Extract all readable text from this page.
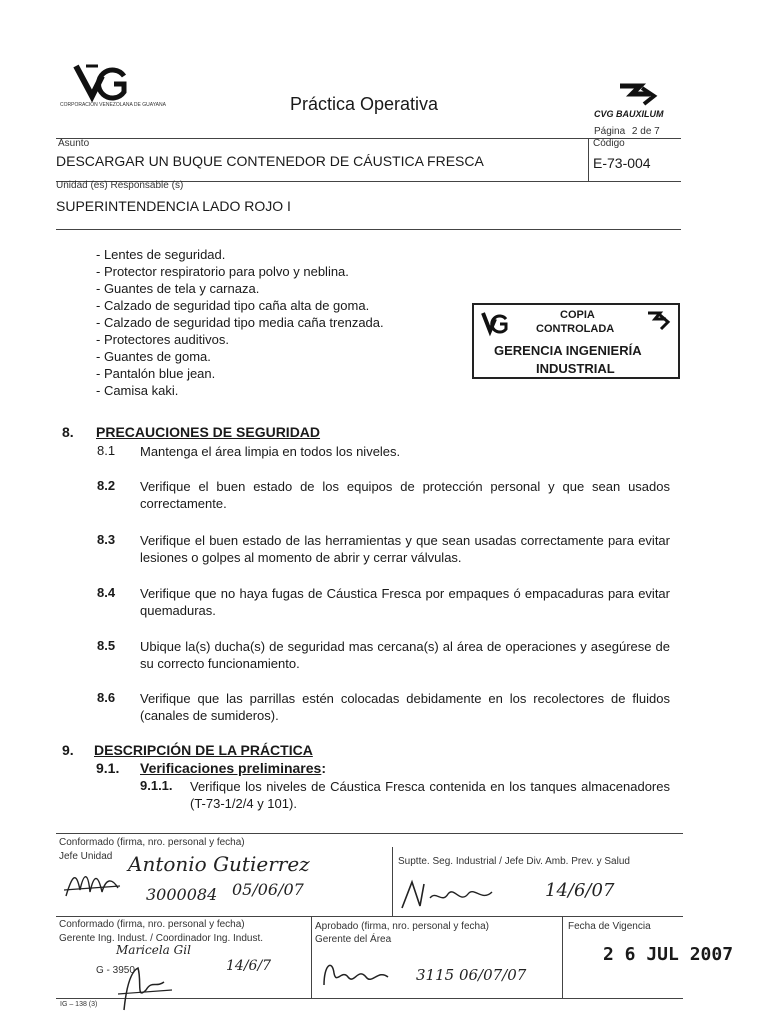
CORPORACIÓN VENEZOLANA DE GUAYANA	Práctica Operativa	CVG BAUXILUM
Página 2 de 7
Asunto
DESCARGAR UN BUQUE CONTENEDOR DE CÁUSTICA FRESCA
Código
E-73-004
Unidad (es) Responsable (s)
SUPERINTENDENCIA LADO ROJO I
- Lentes de seguridad.
- Protector respiratorio para polvo y neblina.
- Guantes de tela y carnaza.
- Calzado de seguridad tipo caña alta de goma.
- Calzado de seguridad tipo media caña trenzada.
- Protectores auditivos.
- Guantes de goma.
- Pantalón blue jean.
- Camisa kaki.
COPIA
CONTROLADA
GERENCIA INGENIERÍA
INDUSTRIAL
8. PRECAUCIONES DE SEGURIDAD
8.1 Mantenga el área limpia en todos los niveles.
8.2 Verifique el buen estado de los equipos de protección personal y que sean usados correctamente.
8.3 Verifique el buen estado de las herramientas y que sean usadas correctamente para evitar lesiones o golpes al momento de abrir y cerrar válvulas.
8.4 Verifique que no haya fugas de Cáustica Fresca por empaques ó empacaduras para evitar quemaduras.
8.5 Ubique la(s) ducha(s) de seguridad mas cercana(s) al área de operaciones y asegúrese de su correcto funcionamiento.
8.6 Verifique que las parrillas estén colocadas debidamente en los recolectores de fluidos (canales de sumideros).
9. DESCRIPCIÓN DE LA PRÁCTICA
9.1. Verificaciones preliminares:
9.1.1. Verifique los niveles de Cáustica Fresca contenida en los tanques almacenadores (T-73-1/2/4 y 101).
Conformado (firma, nro. personal y fecha)
Jefe Unidad Antonio Gutierrez
3000084 05/06/07
Suptte. Seg. Industrial / Jefe Div. Amb. Prev. y Salud
14/6/07
Conformado (firma, nro. personal y fecha)
Gerente Ing. Indust. / Coordinador Ing. Indust.
Maricela Gil
G - 3950	14/6/7
IG – 138 (3)
Aprobado (firma, nro. personal y fecha)
Gerente del Área
3115 06/07/07
Fecha de Vigencia
2 6 JUL 2007
